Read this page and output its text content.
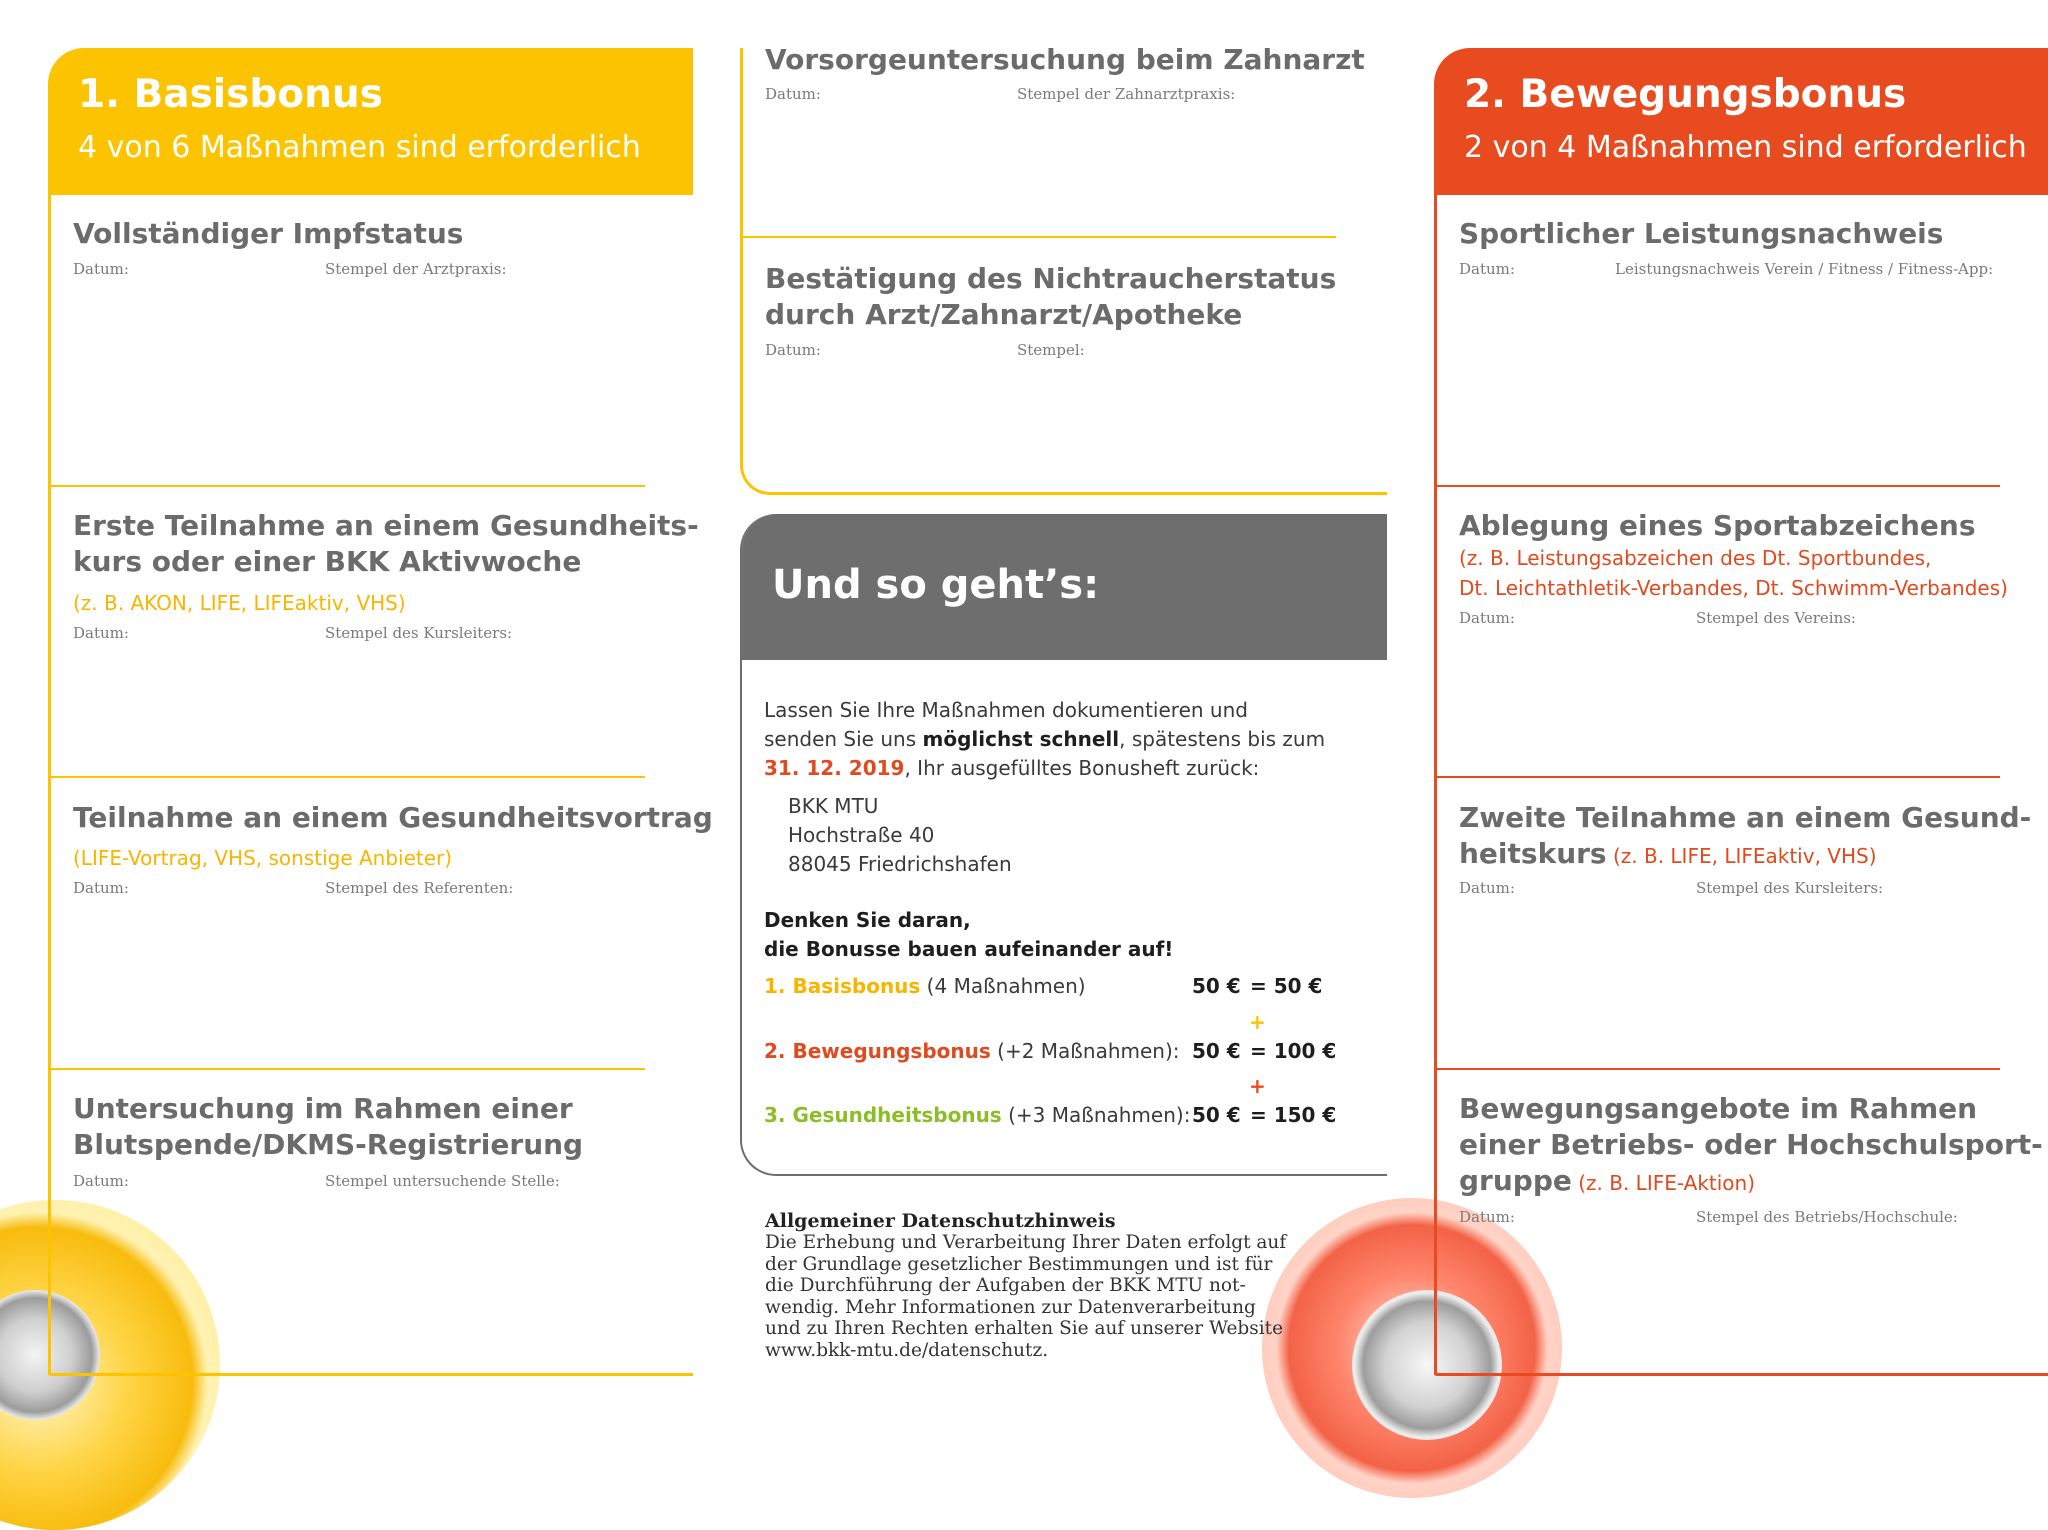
1. Basisbonus
4 von 6 Maßnahmen sind erforderlich
Vollständiger Impfstatus
Datum:	Stempel der Arztpraxis:
Erste Teilnahme an einem Gesundheits-
kurs oder einer BKK Aktivwoche
(z. B. AKON, LIFE, LIFEaktiv, VHS)
Datum:	Stempel des Kursleiters:
Teilnahme an einem Gesundheitsvortrag
(LIFE-Vortrag, VHS, sonstige Anbieter)
Datum:	Stempel des Referenten:
Untersuchung im Rahmen einer
Blutspende/DKMS-Registrierung
Datum:	Stempel untersuchende Stelle:
Vorsorgeuntersuchung beim Zahnarzt
Datum:	Stempel der Zahnarztpraxis:
Bestätigung des Nichtraucherstatus
durch Arzt/Zahnarzt/Apotheke
Datum:	Stempel:
Und so geht’s:
Lassen Sie Ihre Maßnahmen dokumentieren und
senden Sie uns möglichst schnell, spätestens bis zum
31. 12. 2019, Ihr ausgefülltes Bonusheft zurück:
BKK MTU
Hochstraße 40
88045 Friedrichshafen
Denken Sie daran,
die Bonusse bauen aufeinander auf!
1. Basisbonus (4 Maßnahmen)	50 € = 50 €
+
2. Bewegungsbonus (+2 Maßnahmen): 50 € = 100 €
+
3. Gesundheitsbonus (+3 Maßnahmen): 50 € = 150 €
Allgemeiner Datenschutzhinweis
Die Erhebung und Verarbeitung Ihrer Daten erfolgt auf
der Grundlage gesetzlicher Bestimmungen und ist für
die Durchführung der Aufgaben der BKK MTU not-
wendig. Mehr Informationen zur Datenverarbeitung
und zu Ihren Rechten erhalten Sie auf unserer Website
www.bkk-mtu.de/datenschutz.
2. Bewegungsbonus
2 von 4 Maßnahmen sind erforderlich
Sportlicher Leistungsnachweis
Datum:	Leistungsnachweis Verein / Fitness / Fitness-App:
Ablegung eines Sportabzeichens
(z. B. Leistungsabzeichen des Dt. Sportbundes,
Dt. Leichtathletik-Verbandes, Dt. Schwimm-Verbandes)
Datum:	Stempel des Vereins:
Zweite Teilnahme an einem Gesund-
heitskurs (z. B. LIFE, LIFEaktiv, VHS)
Datum:	Stempel des Kursleiters:
Bewegungsangebote im Rahmen
einer Betriebs- oder Hochschulsport-
gruppe (z. B. LIFE-Aktion)
Datum:	Stempel des Betriebs/Hochschule:
